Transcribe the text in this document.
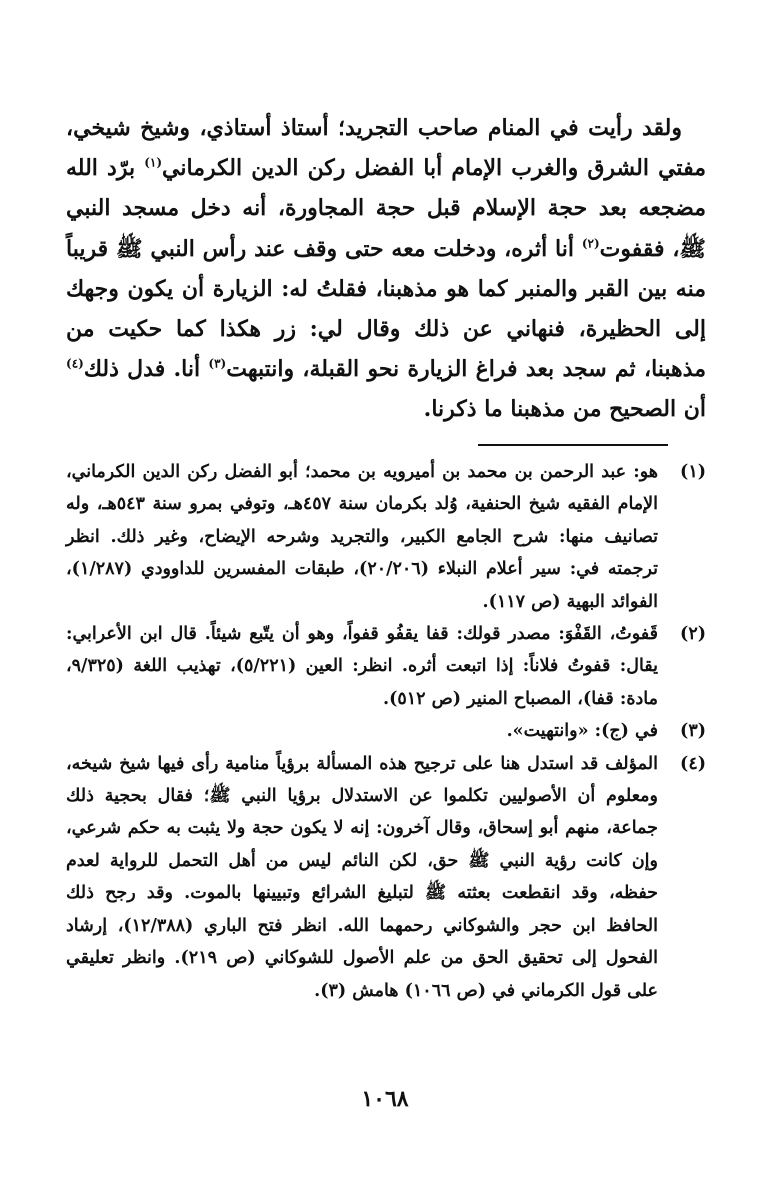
ولقد رأيت في المنام صاحب التجريد؛ أستاذ أستاذي، وشيخ شيخي، مفتي الشرق والغرب الإمام أبا الفضل ركن الدين الكرماني$^{(١)}$ برّد الله مضجعه بعد حجة الإسلام قبل حجة المجاورة، أنه دخل مسجد النبي ﷺ، فقفوت$^{(٢)}$ أنا أثره، ودخلت معه حتى وقف عند رأس النبي ﷺ قريباً منه بين القبر والمنبر كما هو مذهبنا، فقلتُ له: الزيارة أن يكون وجهك إلى الحظيرة، فنهاني عن ذلك وقال لي: زر هكذا كما حكيت من مذهبنا، ثم سجد بعد فراغ الزيارة نحو القبلة، وانتبهت$^{(٣)}$ أنا. فدل ذلك$^{(٤)}$ أن الصحيح من مذهبنا ما ذكرنا.

(١)
هو: عبد الرحمن بن محمد بن أميرويه بن محمد؛ أبو الفضل ركن الدين الكرماني، الإمام الفقيه شيخ الحنفية، وُلد بكرمان سنة ٤٥٧هـ، وتوفي بمرو سنة ٥٤٣هـ، وله تصانيف منها: شرح الجامع الكبير، والتجريد وشرحه الإيضاح، وغير ذلك. انظر ترجمته في: سير أعلام النبلاء (٢٠/٢٠٦)، طبقات المفسرين للداوودي (١/٢٨٧)، الفوائد البهية (ص ١١٧).
(٢)
قَفوتُ، القَفْوَ: مصدر قولك: قفا يقفُو قفواً، وهو أن يتّبع شيئاً. قال ابن الأعرابي: يقال: قفوتُ فلاناً: إذا اتبعت أثره. انظر: العين (٥/٢٢١)، تهذيب اللغة (٩/٣٢٥، مادة: قفا)، المصباح المنير (ص ٥١٢).
(٣)
في (ج): «وانتهيت».
(٤)
المؤلف قد استدل هنا على ترجيح هذه المسألة برؤياً منامية رأى فيها شيخ شيخه، ومعلوم أن الأصوليين تكلموا عن الاستدلال برؤيا النبي ﷺ؛ فقال بحجية ذلك جماعة، منهم أبو إسحاق، وقال آخرون: إنه لا يكون حجة ولا يثبت به حكم شرعي، وإن كانت رؤية النبي ﷺ حق، لكن النائم ليس من أهل التحمل للرواية لعدم حفظه، وقد انقطعت بعثته ﷺ لتبليغ الشرائع وتبيينها بالموت. وقد رجح ذلك الحافظ ابن حجر والشوكاني رحمهما الله. انظر فتح الباري (١٢/٣٨٨)، إرشاد الفحول إلى تحقيق الحق من علم الأصول للشوكاني (ص ٢١٩). وانظر تعليقي على قول الكرماني في (ص ١٠٦٦) هامش (٣).
١٠٦٨
